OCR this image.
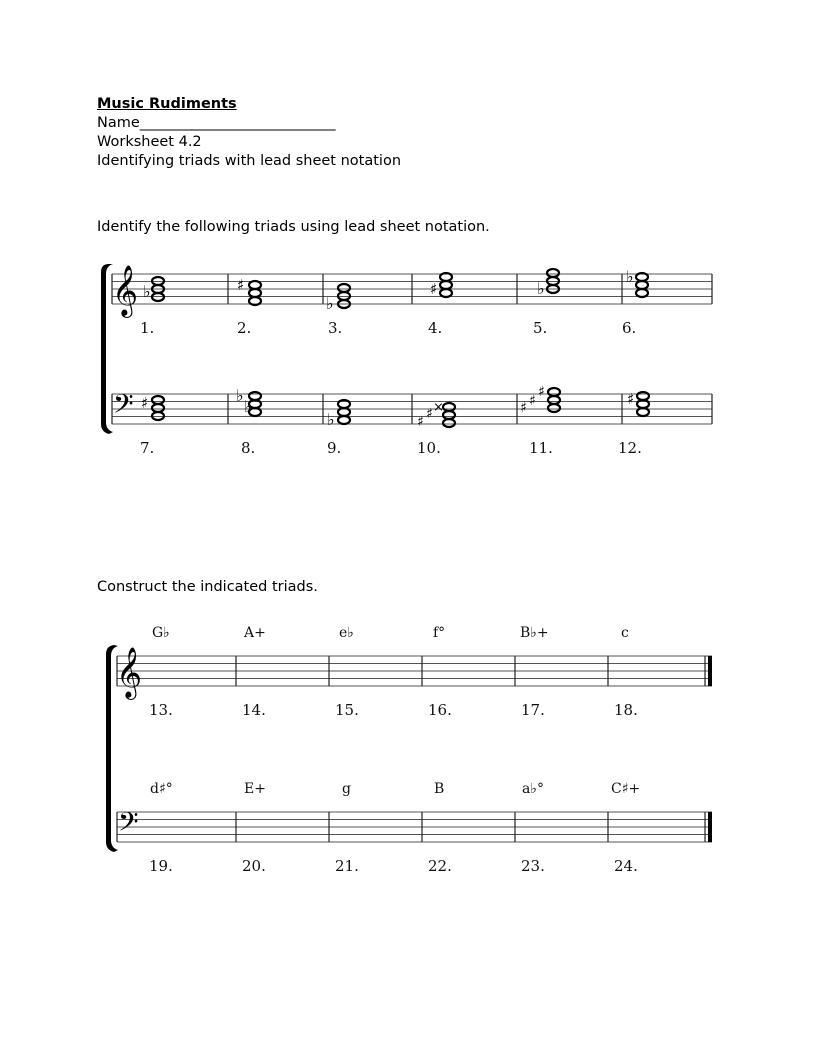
Music Rudiments
Name___________________________
Worksheet 4.2
Identifying triads with lead sheet notation
Identify the following triads using lead sheet notation.
Construct the indicated triads.
𝄞 ♭	♯
♭
♯	♭
♭
1.	2.	3.	4.	5.	6.
𝄢 ♯	♭
♭
♭	♯ ♯ ×	♯ ♯
♯	♯
7.	8.	9.	10.	11.	12.
G♭	A+	e♭	f°	B♭+	c
𝄞
13.	14.	15.	16.	17.	18.
d♯°	E+	g	B	a♭°	C♯+
𝄢
19.	20.	21.	22.	23.	24.
